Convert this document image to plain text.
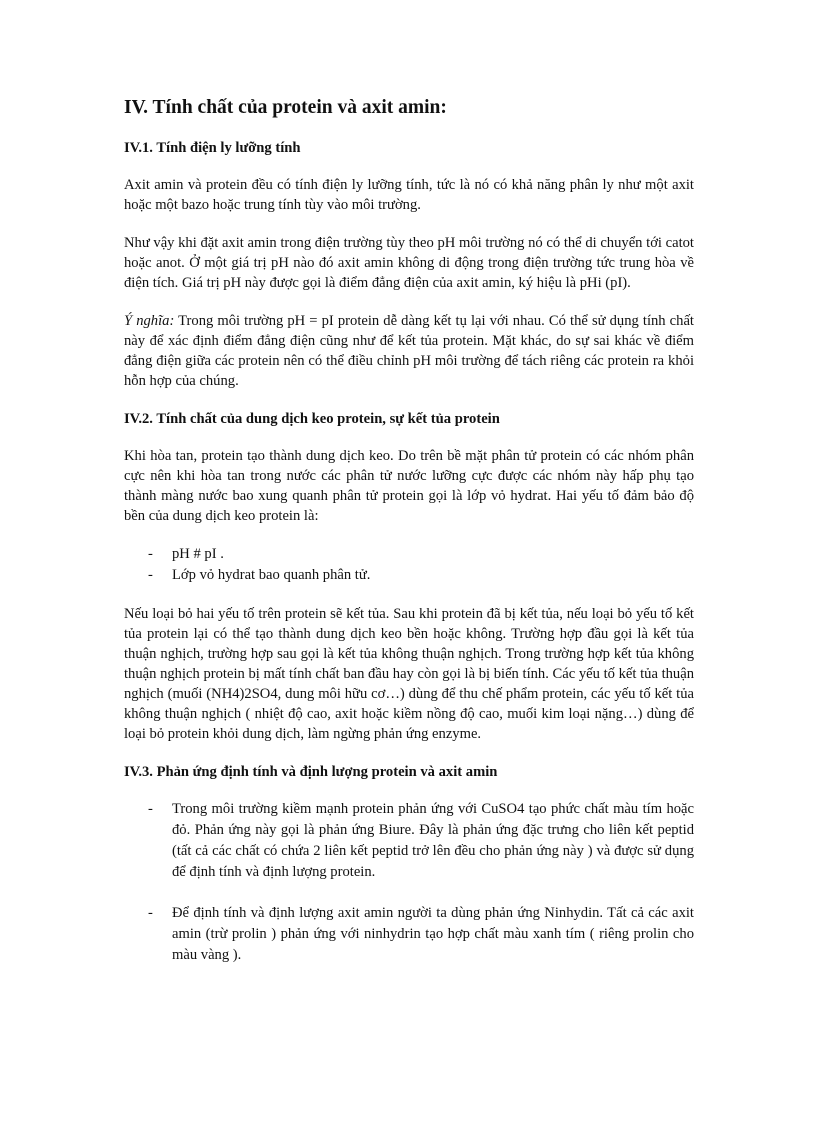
IV. Tính chất của protein và axit amin:
IV.1. Tính điện ly lưỡng tính

Axit amin và protein đều có tính điện ly lưỡng tính, tức là nó có khả năng phân ly như một axit hoặc một bazo hoặc trung tính tùy vào môi trường.

Như vậy khi đặt axit amin trong điện trường tùy theo pH môi trường nó có thể di chuyển tới catot hoặc anot. Ở một giá trị pH nào đó axit amin không di động trong điện trường tức trung hòa về điện tích. Giá trị pH này được gọi là điểm đẳng điện của axit amin, ký hiệu là pHi (pI).

Ý nghĩa: Trong môi trường pH = pI protein dễ dàng kết tụ lại với nhau. Có thể sử dụng tính chất này để xác định điểm đẳng điện cũng như để kết tủa protein. Mặt khác, do sự sai khác về điểm đẳng điện giữa các protein nên có thể điều chỉnh pH môi trường để tách riêng các protein ra khỏi hỗn hợp của chúng.

IV.2. Tính chất của dung dịch keo protein, sự kết tủa protein

Khi hòa tan, protein tạo thành dung dịch keo. Do trên bề mặt phân tử protein có các nhóm phân cực nên khi hòa tan trong nước các phân tử nước lưỡng cực được các nhóm này hấp phụ tạo thành màng nước bao xung quanh phân tử protein gọi là lớp vỏ hydrat. Hai yếu tố đảm bảo độ bền của dung dịch keo protein là:

- pH # pI .
- Lớp vỏ hydrat bao quanh phân tử.

Nếu loại bỏ hai yếu tố trên protein sẽ kết tủa. Sau khi protein đã bị kết tủa, nếu loại bỏ yếu tố kết tủa protein lại có thể tạo thành dung dịch keo bền hoặc không. Trường hợp đầu gọi là kết tủa thuận nghịch, trường hợp sau gọi là kết tủa không thuận nghịch. Trong trường hợp kết tủa không thuận nghịch protein bị mất tính chất ban đầu hay còn gọi là bị biến tính. Các yếu tố kết tủa thuận nghịch (muối (NH4)2SO4, dung môi hữu cơ…) dùng để thu chế phẩm protein, các yếu tố kết tủa không thuận nghịch ( nhiệt độ cao, axit hoặc kiềm nồng độ cao, muối kim loại nặng…) dùng để loại bỏ protein khỏi dung dịch, làm ngừng phản ứng enzyme.

IV.3. Phản ứng định tính và định lượng protein và axit amin
- Trong môi trường kiềm mạnh protein phản ứng với CuSO4 tạo phức chất màu tím hoặc đỏ. Phản ứng này gọi là phản ứng Biure. Đây là phản ứng đặc trưng cho liên kết peptid (tất cả các chất có chứa 2 liên kết peptid trở lên đều cho phản ứng này ) và được sử dụng để định tính và định lượng protein.
- Để định tính và định lượng axit amin người ta dùng phản ứng Ninhydin. Tất cả các axit amin (trừ prolin ) phản ứng với ninhydrin tạo hợp chất màu xanh tím ( riêng prolin cho màu vàng ).
